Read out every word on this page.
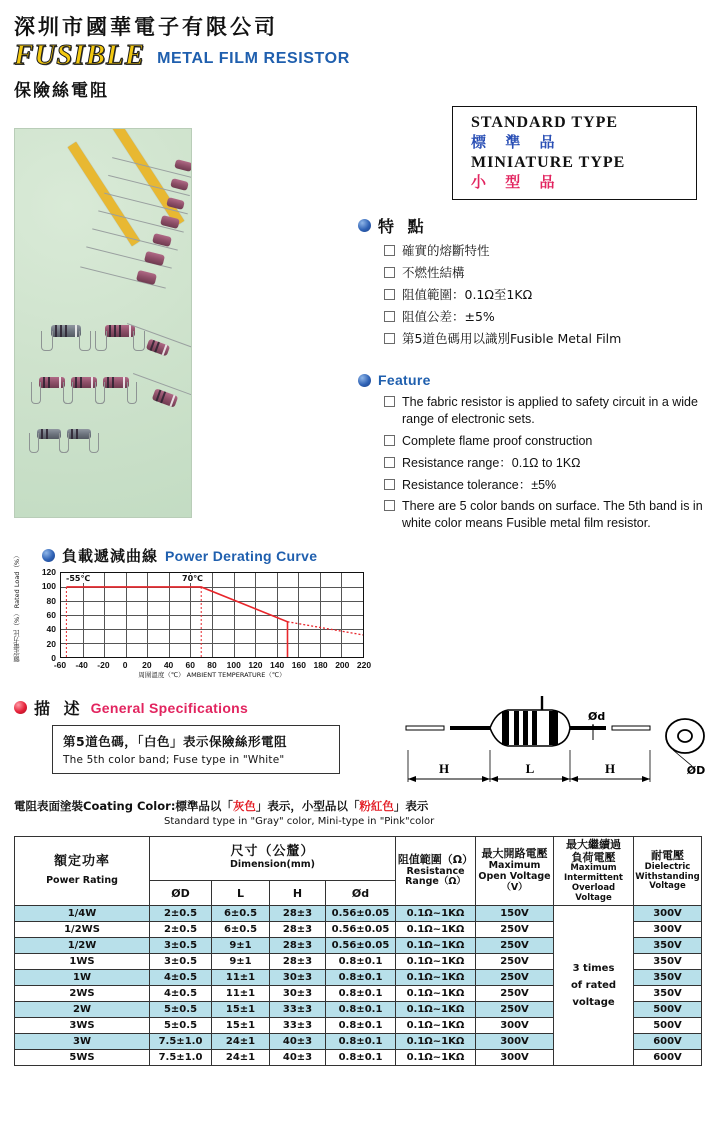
深圳市國華電子有限公司
FUSIBLE METAL FILM RESISTOR
保險絲電阻
STANDARD TYPE
標 準 品
MINIATURE TYPE
小 型 品
特 點
確實的熔斷特性
不燃性結構
阻值範圍：0.1Ω至1KΩ
阻值公差：±5%
第5道色碼用以識別Fusible Metal Film
Feature
The fabric resistor is applied to safety circuit in a wide range of electronic sets.
Complete flame proof construction
Resistance range：0.1Ω to 1KΩ
Resistance tolerance：±5%
There are 5 color bands on surface. The 5th band is in white color means Fusible metal film resistor.
負載遞減曲線 Power Derating Curve
額定電力比（%） Rated Load（%）	0
20
40
60
80
100
120
-55℃	70℃
-60 -40 -20 0 20 40 60 80 100 120 140 160 180 200 220
周圍溫度（℃） AMBIENT TEMPERATURE（℃）
描 述 General Specifications
第5道色碼，「白色」表示保險絲形電阻
The 5th color band; Fuse type in "White"
Ød
H	L	H	ØD
電阻表面塗裝Coating Color:標準品以「灰色」表示，小型品以「粉紅色」表示
Standard type in "Gray" color, Mini-type in "Pink"color
額定功率
Power Rating

尺寸（公釐）
Dimension(mm)	阻值範圍（Ω）
Resistance
Range（Ω）

最大開路電壓
Maximum
Open Voltage
（V）

最大繼續過
負荷電壓
Maximum
Intermittent
Overload Voltage

耐電壓
Dielectric
Withstanding
Voltage

	ØD	L	H	Ød				

1/4W	2±0.5	6±0.5	28±3	0.56±0.05	0.1Ω~1KΩ	150V	3 times
of rated
voltage	300V
1/2WS	2±0.5	6±0.5	28±3	0.56±0.05	0.1Ω~1KΩ	250V		300V
1/2W	3±0.5	9±1	28±3	0.56±0.05	0.1Ω~1KΩ	250V		350V
1WS	3±0.5	9±1	28±3	0.8±0.1	0.1Ω~1KΩ	250V		350V
1W	4±0.5	11±1	30±3	0.8±0.1	0.1Ω~1KΩ	250V		350V
2WS	4±0.5	11±1	30±3	0.8±0.1	0.1Ω~1KΩ	250V		350V
2W	5±0.5	15±1	33±3	0.8±0.1	0.1Ω~1KΩ	250V		500V
3WS	5±0.5	15±1	33±3	0.8±0.1	0.1Ω~1KΩ	300V		500V
3W	7.5±1.0	24±1	40±3	0.8±0.1	0.1Ω~1KΩ	300V		600V
5WS	7.5±1.0	24±1	40±3	0.8±0.1	0.1Ω~1KΩ	300V		600V
